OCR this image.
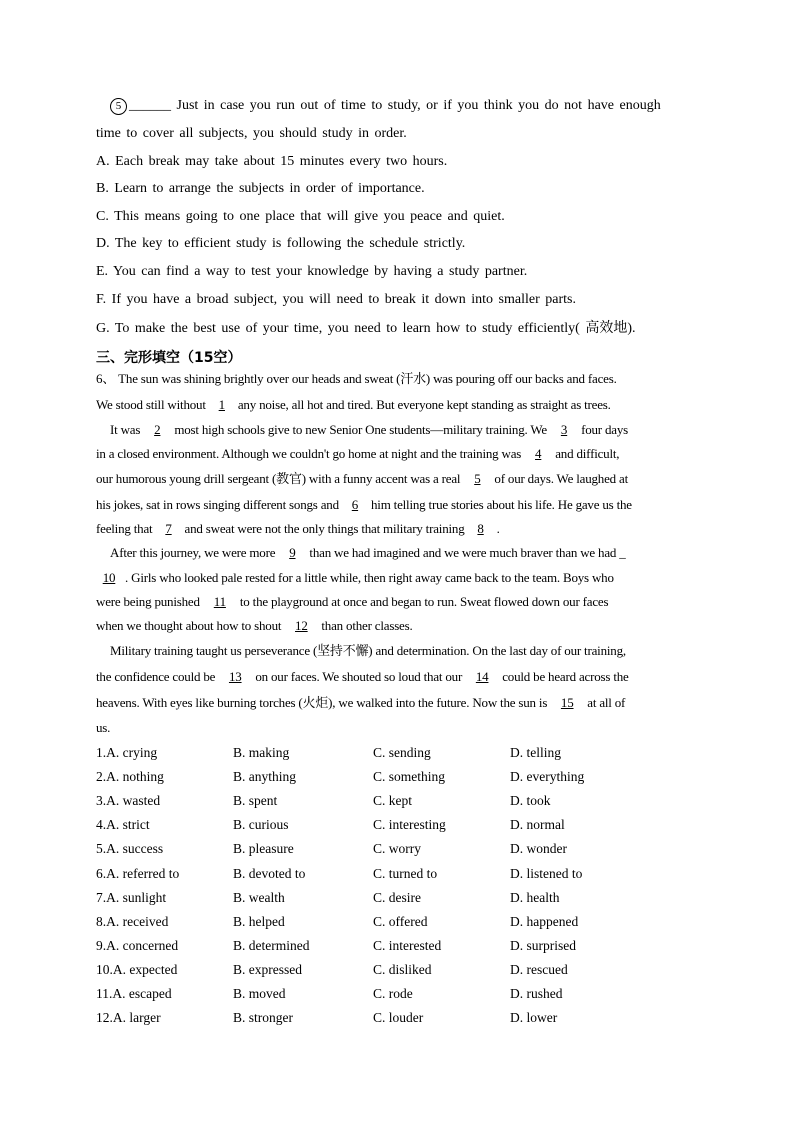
5 ______ Just in case you run out of time to study, or if you think you do not have enough
time to cover all subjects, you should study in order.
A. Each break may take about 15 minutes every two hours.
B. Learn to arrange the subjects in order of importance.
C. This means going to one place that will give you peace and quiet.
D. The key to efficient study is following the schedule strictly.
E. You can find a way to test your knowledge by having a study partner.
F. If you have a broad subject, you will need to break it down into smaller parts.
G. To make the best use of your time, you need to learn how to study efficiently( 高效地).
三、完形填空（15空）
6、 The sun was shining brightly over our heads and sweat (汗水) was pouring off our backs and faces.
We stood still without 1 any noise, all hot and tired. But everyone kept standing as straight as trees.
It was 2 most high schools give to new Senior One students—military training. We 3 four days
in a closed environment. Although we couldn't go home at night and the training was 4 and difficult,
our humorous young drill sergeant (教官) with a funny accent was a real 5 of our days. We laughed at
his jokes, sat in rows singing different songs and 6 him telling true stories about his life. He gave us the
feeling that 7 and sweat were not the only things that military training 8 .
After this journey, we were more 9 than we had imagined and we were much braver than we had _
10 . Girls who looked pale rested for a little while, then right away came back to the team. Boys who
were being punished 11 to the playground at once and began to run. Sweat flowed down our faces
when we thought about how to shout 12 than other classes.
Military training taught us perseverance (坚持不懈) and determination. On the last day of our training,
the confidence could be 13 on our faces. We shouted so loud that our 14 could be heard across the
heavens. With eyes like burning torches (火炬), we walked into the future. Now the sun is 15 at all of
us.
1.A. crying	B. making	C. sending	D. telling
2.A. nothing	B. anything	C. something	D. everything
3.A. wasted	B. spent	C. kept	D. took
4.A. strict	B. curious	C. interesting	D. normal
5.A. success	B. pleasure	C. worry	D. wonder
6.A. referred to	B. devoted to	C. turned to	D. listened to
7.A. sunlight	B. wealth	C. desire	D. health
8.A. received	B. helped	C. offered	D. happened
9.A. concerned	B. determined	C. interested	D. surprised
10.A. expected	B. expressed	C. disliked	D. rescued
11.A. escaped	B. moved	C. rode	D. rushed
12.A. larger	B. stronger	C. louder	D. lower
